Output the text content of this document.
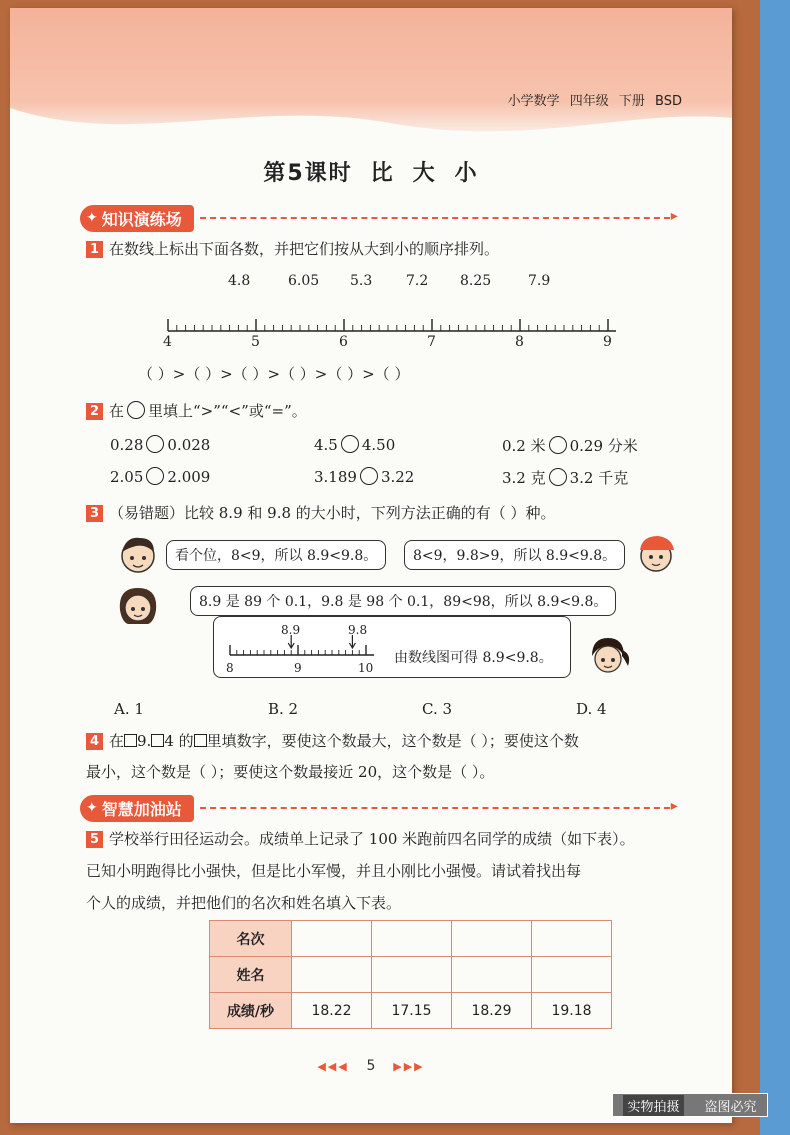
小学数学 四年级 下册 BSD
第5课时 比 大 小
✦ 知识演练场
▸
1 在数线上标出下面各数，并把它们按从大到小的顺序排列。
4.8	6.05 5.3 7.2 8.25	7.9
4	5	6	7	8	9
（ ）>（ ）>（ ）>（ ）>（ ）>（ ）
2 在 里填上“>”“<”或“=”。
0.28 0.028	4.5 4.50	0.2 米 0.29 分米
2.05 2.009	3.189 3.22	3.2 克 3.2 千克
3 （易错题）比较 8.9 和 9.8 的大小时，下列方法正确的有（ ）种。
看个位，8<9，所以 8.9<9.8。	8<9，9.8>9，所以 8.9<9.8。
8.9 是 89 个 0.1，9.8 是 98 个 0.1，89<98，所以 8.9<9.8。
8.9	9.8
8	9	10
由数线图可得 8.9<9.8。
A. 1	B. 2	C. 3	D. 4
4 在 9. 4 的 里填数字，要使这个数最大，这个数是（ ）；要使这个数
最小，这个数是（ ）；要使这个数最接近 20，这个数是（ ）。
✦ 智慧加油站
▸
5 学校举行田径运动会。成绩单上记录了 100 米跑前四名同学的成绩（如下表）。
已知小明跑得比小强快，但是比小军慢，并且小刚比小强慢。请试着找出每
个人的成绩，并把他们的名次和姓名填入下表。
名次				
姓名				
成绩/秒	18.22	17.15	18.29	19.18
◀◀◀ 5 ▶▶▶
实物拍摄	盗图必究
